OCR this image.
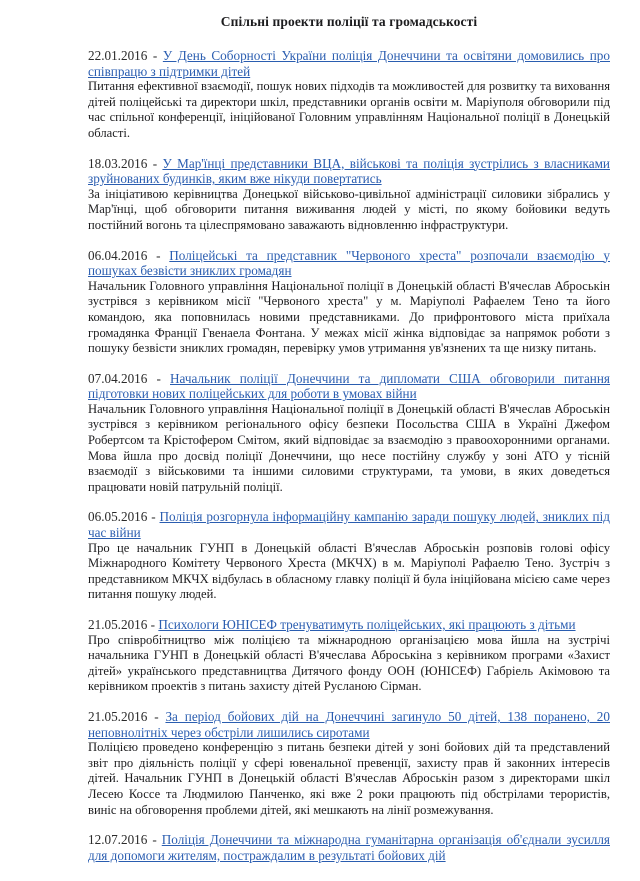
Спільні проекти поліції та громадськості
22.01.2016 - У День Соборності України поліція Донеччини та освітяни домовились про співпрацю з підтримки дітей

Питання ефективної взаємодії, пошук нових підходів та можливостей для розвитку та виховання дітей поліцейські та директори шкіл, представники органів освіти м. Маріуполя обговорили під час спільної конференції, ініційованої Головним управлінням Національної поліції в Донецькій області.

18.03.2016 - У Мар'їнці представники ВЦА, військові та поліція зустрілись з власниками зруйнованих будинків, яким вже нікуди повертатись

За ініціативою керівництва Донецької військово-цивільної адміністрації силовики зібрались у Мар'їнці, щоб обговорити питання виживання людей у місті, по якому бойовики ведуть постійний вогонь та цілеспрямовано заважають відновленню інфраструктури.

06.04.2016 - Поліцейські та представник "Червоного хреста" розпочали взаємодію у пошуках безвісти зниклих громадян

Начальник Головного управління Національної поліції в Донецькій області В'ячеслав Аброськін зустрівся з керівником місії "Червоного хреста" у м. Маріуполі Рафаелем Тено та його командою, яка поповнилась новими представниками. До прифронтового міста приїхала громадянка Франції Гвенаела Фонтана. У межах місії жінка відповідає за напрямок роботи з пошуку безвісти зниклих громадян, перевірку умов утримання ув'язнених та ще низку питань.

07.04.2016 - Начальник поліції Донеччини та дипломати США обговорили питання підготовки нових поліцейських для роботи в умовах війни

Начальник Головного управління Національної поліції в Донецькій області В'ячеслав Аброськін зустрівся з керівником регіонального офісу безпеки Посольства США в Україні Джефом Робертсом та Крістофером Смітом, який відповідає за взаємодію з правоохоронними органами. Мова йшла про досвід поліції Донеччини, що несе постійну службу у зоні АТО у тісній взаємодії з військовими та іншими силовими структурами, та умови, в яких доведеться працювати новій патрульній поліції.

06.05.2016 - Поліція розгорнула інформаційну кампанію заради пошуку людей, зниклих під час війни

Про це начальник ГУНП в Донецькій області В'ячеслав Аброськін розповів голові офісу Міжнародного Комітету Червоного Хреста (МКЧХ) в м. Маріуполі Рафаелю Тено. Зустріч з представником МКЧХ відбулась в обласному главку поліції й була ініційована місією саме через питання пошуку людей.

21.05.2016 - Психологи ЮНІСЕФ тренуватимуть поліцейських, які працюють з дітьми

Про співробітництво між поліцією та міжнародною організацією мова йшла на зустрічі начальника ГУНП в Донецькій області В'ячеслава Аброськіна з керівником програми «Захист дітей» українського представництва Дитячого фонду ООН (ЮНІСЕФ) Габріель Акімовою та керівником проектів з питань захисту дітей Русланою Сірман.

21.05.2016 - За період бойових дій на Донеччині загинуло 50 дітей, 138 поранено, 20 неповнолітніх через обстріли лишились сиротами

Поліцією проведено конференцію з питань безпеки дітей у зоні бойових дій та представлений звіт про діяльність поліції у сфері ювенальної превенції, захисту прав й законних інтересів дітей. Начальник ГУНП в Донецькій області В'ячеслав Аброськін разом з директорами шкіл Лесею Коссе та Людмилою Панченко, які вже 2 роки працюють під обстрілами терористів, виніс на обговорення проблеми дітей, які мешкають на лінії розмежування.

12.07.2016 - Поліція Донеччини та міжнародна гуманітарна організація об'єднали зусилля для допомоги жителям, постраждалим в результаті бойових дій
